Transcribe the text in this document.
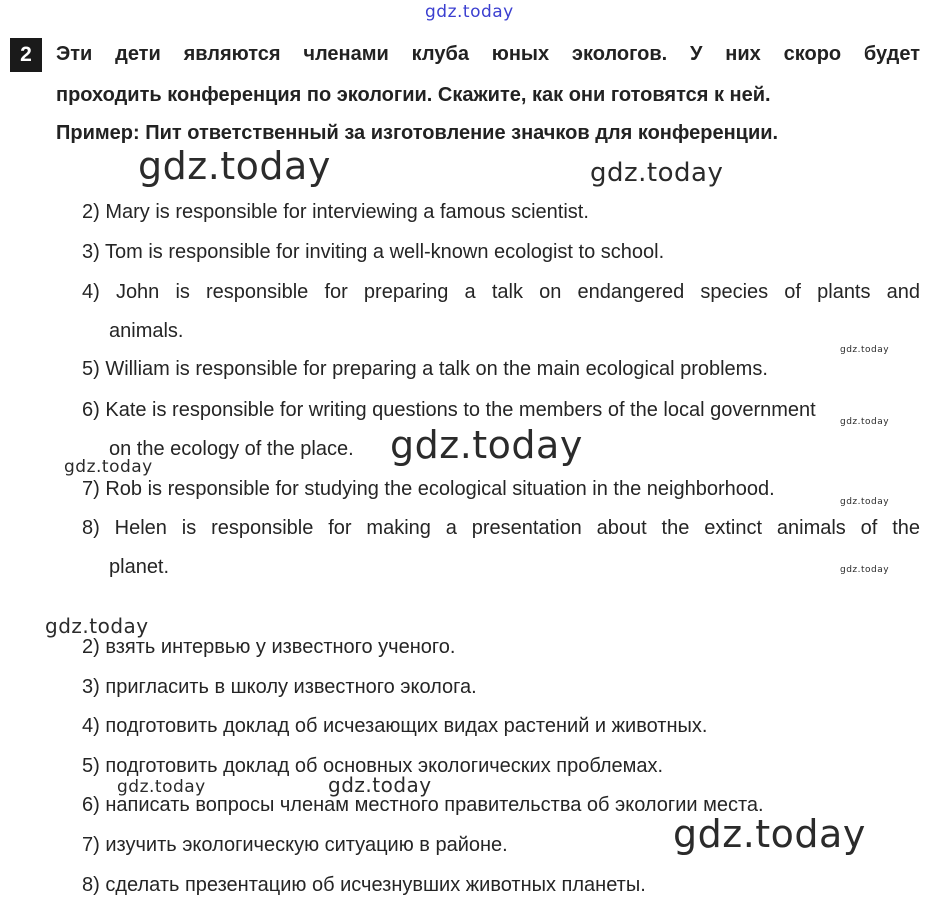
gdz.today
2	Эти дети являются членами клуба юных экологов. У них скоро будет
проходить конференция по экологии. Скажите, как они готовятся к ней.
Пример: Пит ответственный за изготовление значков для конференции.
2) Mary is responsible for interviewing a famous scientist.
3) Tom is responsible for inviting a well-known ecologist to school.
4) John is responsible for preparing a talk on endangered species of plants and
animals.
5) William is responsible for preparing a talk on the main ecological problems.
6) Kate is responsible for writing questions to the members of the local government
on the ecology of the place.
7) Rob is responsible for studying the ecological situation in the neighborhood.
8) Helen is responsible for making a presentation about the extinct animals of the
planet.
2) взять интервью у известного ученого.
3) пригласить в школу известного эколога.
4) подготовить доклад об исчезающих видах растений и животных.
5) подготовить доклад об основных экологических проблемах.
6) написать вопросы членам местного правительства об экологии места.
7) изучить экологическую ситуацию в районе.
8) сделать презентацию об исчезнувших животных планеты.
gdz.today	gdz.today
gdz.today
gdz.today
gdz.today
gdz.today
gdz.today
gdz.today
gdz.today
gdz.today	gdz.today
gdz.today
